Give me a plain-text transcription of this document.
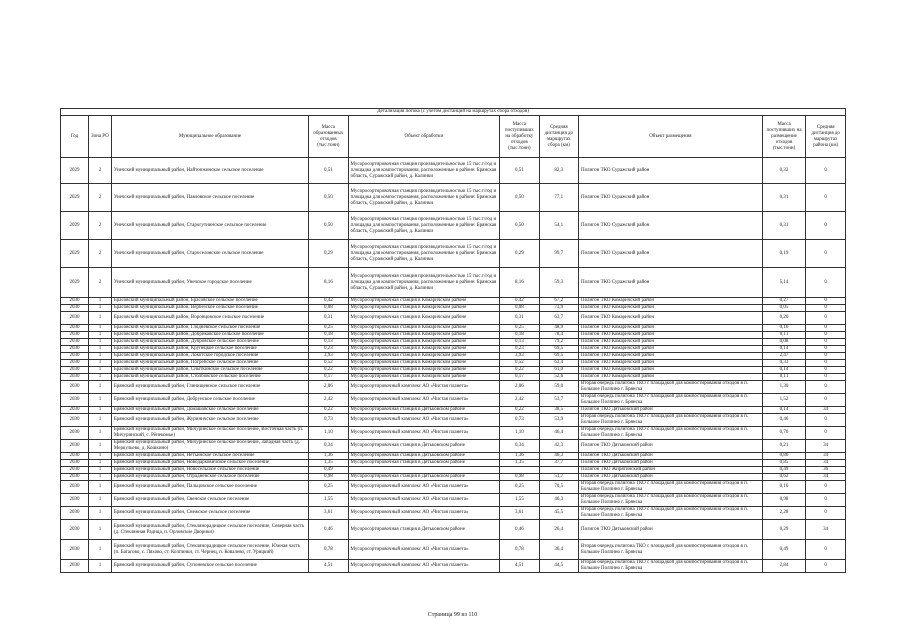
Детализация потока (с учетом дистанций на маршрутах сбора отходов)									
Год	Зона РО	Муниципальное образование	Масса образованных отходов (тыс.тонн)	Объект обработки	Масса поступивших на обработку отходов (тыс.тонн)	Средняя дистанция до маршрутах сбора (км)	Объект размещения	Масса поступивших на размещение отходов (тыс.тонн)	Средняя дистанция до маршрутах района (км)
2029	2	Унечский муниципальный район, Найтопжинское сельское поселение	0,51	Мусоросортировочная станция производительностью 15 тыс.т/год и площадка для компостирования, расположенные в районе: Брянская область, Суражский район, д. Калинки	0,51	82,3	Полигон ТКО Суражский район	0,32	0
2029	2	Унечский муниципальный район, Павловское сельское поселение	0,50	Мусоросортировочная станция производительностью 15 тыс.т/год и площадка для компостирования, расположенные в районе: Брянская область, Суражский район, д. Калинки	0,50	77,1	Полигон ТКО Суражский район	0,31	0
2029	2	Унечский муниципальный район, Старогутнинское сельское поселение	0,50	Мусоросортировочная станция производительностью 15 тыс.т/год и площадка для компостирования, расположенные в районе: Брянская область, Суражский район, д. Калинки	0,50	54,1	Полигон ТКО Суражский район	0,31	0
2029	2	Унечский муниципальный район, Староселовское сельское поселение	0,29	Мусоросортировочная станция производительностью 15 тыс.т/год и площадка для компостирования, расположенные в районе: Брянская область, Суражский район, д. Калинки	0,29	99,7	Полигон ТКО Суражский район	0,19	0
2029	2	Унечский муниципальный район, Унечское городское поселение	8,16	Мусоросортировочная станция производительностью 15 тыс.т/год и площадка для компостирования, расположенные в районе: Брянская область, Суражский район, д. Калинки	8,16	59,3	Полигон ТКО Суражский район	5,14	0
2030	1	Брасовский муниципальный район, Брасовское сельское поселение	0,42	Мусоросортировочная станция в Комаричском районе	0,42	67,2	Полигон ТКО Комаричский район	0,27	0
2030	1	Брасовский муниципальный район, Вербёзское сельское поселение	0,08	Мусоросортировочная станция в Комаричском районе	0,08	73,9	Полигон ТКО Комаричский район	0,05	0
2030	1	Брасовский муниципальный район, Воронцовское сельское поселение	0,31	Мусоросортировочная станция в Комаричском районе	0,31	63,7	Полигон ТКО Комаричский район	0,20	0
2030	1	Брасовский муниципальный район, Глодневское сельское поселение	0,25	Мусоросортировочная станция в Комаричском районе	0,25	48,9	Полигон ТКО Комаричский район	0,16	0
2030	1	Брасовский муниципальный район, Добриковское сельское поселение	0,18	Мусоросортировочная станция в Комаричском районе	0,18	78,4	Полигон ТКО Комаричский район	0,11	0
2030	1	Брасовский муниципальный район, Дубровское сельское поселение	0,13	Мусоросортировочная станция в Комаричском районе	0,13	79,2	Полигон ТКО Комаричский район	0,08	0
2030	1	Брасовский муниципальный район, Крупецкое сельское поселение	0,23	Мусоросортировочная станция в Комаричском районе	0,23	69,5	Полигон ТКО Комаричский район	0,14	0
2030	1	Брасовский муниципальный район, Локотское городское поселение	3,93	Мусоросортировочная станция в Комаричском районе	3,93	69,5	Полигон ТКО Комаричский район	2,47	0
2030	1	Брасовский муниципальный район, Погребское сельское поселение	0,52	Мусоросортировочная станция в Комаричском районе	0,52	63,4	Полигон ТКО Комаричский район	0,33	0
2030	1	Брасовский муниципальный район, Сныткинское сельское поселение	0,22	Мусоросортировочная станция в Комаричском районе	0,22	61,0	Полигон ТКО Комаричский район	0,14	0
2030	1	Брасовский муниципальный район, Столбовское сельское поселение	0,17	Мусоросортировочная станция в Комаричском районе	0,17	52,6	Полигон ТКО Комаричский район	0,11	0
2030	1	Брянский муниципальный район, Глинищевское сельское поселение	2,06	Мусоросортировочный комплекс АО «Чистая планета»	2,06	59,0	Вторая очередь полигона ТКО с площадкой для компостирования отходов в п. Большое Полпино г. Брянска	1,30	0
2030	1	Брянский муниципальный район, Добрунское сельское поселение	2,42	Мусоросортировочный комплекс АО «Чистая планета»	2,42	53,7	Вторая очередь полигона ТКО с площадкой для компостирования отходов в п. Большое Полпино г. Брянска	1,52	0
2030	1	Брянский муниципальный район, Домашовское сельское поселение	0,22	Мусоросортировочная станция в Дятьковском районе	0,22	38,5	Полигон ТКО Дятьковский район	0,14	34
2030	1	Брянский муниципальный район, Журиничское сельское поселение	0,73	Мусоросортировочный комплекс АО «Чистая планета»	0,73	53,9	Вторая очередь полигона ТКО с площадкой для компостирования отходов в п. Большое Полпино г. Брянска	0,46	0
2030	1	Брянский муниципальный район, Мичуринское сельское поселение, Восточная часть (п. Мичуринский, с. Рёнекомье)	1,10	Мусоросортировочный комплекс АО «Чистая планета»	1,10	46,4	Вторая очередь полигона ТКО с площадкой для компостирования отходов в п. Большое Полпино г. Брянска	0,70	0
2030	1	Брянский муниципальный район, Мичуринское сельское поселение, Западная часть (д. Меркульево, д. Кошкино)	0,34	Мусоросортировочная станция в Дятьковском районе	0,34	42,3	Полигон ТКО Дятьковский район	0,21	34
2030	1	Брянский муниципальный район, Нетьинское сельское поселение	1,36	Мусоросортировочная станция в Дятьковском районе	1,36	46,3	Полигон ТКО Дятьковский район	0,86	34
2030	1	Брянский муниципальный район, Новодарковичское сельское поселение	1,35	Мусоросортировочная станция в Дятьковском районе	1,35	37,7	Полигон ТКО Дятьковский район	0,85	34
2030	1	Брянский муниципальный район, Новосельское сельское поселение	0,49				Полигон ТКО Жирятинский район	0,49	36
2030	1	Брянский муниципальный район, Отрадненское сельское поселение	0,98	Мусоросортировочная станция в Дятьковском районе	0,98	51,7	Полигон ТКО Дятьковский район	0,62	34
2030	1	Брянский муниципальный район, Пальцовское сельское поселение	0,25	Мусоросортировочный комплекс АО «Чистая планета»	0,25	70,5	Вторая очередь полигона ТКО с площадкой для компостирования отходов в п. Большое Полпино г. Брянска	0,16	0
2030	1	Брянский муниципальный район, Свенское сельское поселение	1,55	Мусоросортировочный комплекс АО «Чистая планета»	1,55	46,3	Вторая очередь полигона ТКО с площадкой для компостирования отходов в п. Большое Полпино г. Брянска	0,98	0
2030	1	Брянский муниципальный район, Снежское сельское поселение	3,61	Мусоросортировочный комплекс АО «Чистая планета»	3,61	45,5	Вторая очередь полигона ТКО с площадкой для компостирования отходов в п. Большое Полпино г. Брянска	2,28	0
2030	1	Брянский муниципальный район, Стеклянорадицкое сельское поселение, Северная часть (д. Стеклянная Радица, п. Орловские Дворики)	0,46	Мусоросортировочная станция в Дятьковском районе	0,46	26,4	Полигон ТКО Дятьковский район	0,29	34
2030	1	Брянский муниципальный район, Стеклянорадицкое сельское поселение, Южная часть (п. Батагово, с. Ляхово, ст. Колпинки, ст. Чернец, п. Ковалево, ст. Урицкий)	0,78	Мусоросортировочный комплекс АО «Чистая планета»	0,78	36,4	Вторая очередь полигона ТКО с площадкой для компостирования отходов в п. Большое Полпино г. Брянска	0,49	0
2030	1	Брянский муниципальный район, Супоневское сельское поселение	4,51	Мусоросортировочный комплекс АО «Чистая планета»	4,51	44,5	Вторая очередь полигона ТКО с площадкой для компостирования отходов в п. Большое Полпино г. Брянска	2,84	0
Страница 99 из 110
